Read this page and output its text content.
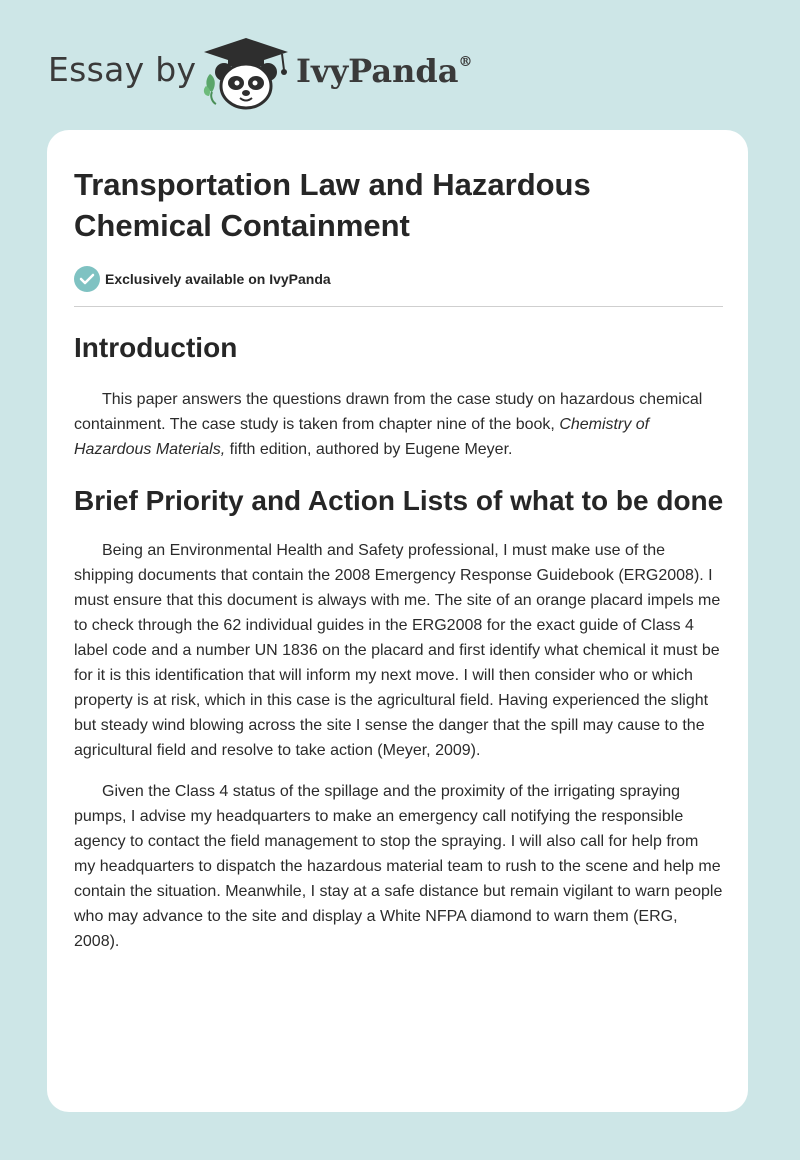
Essay by	IvyPanda®
Transportation Law and Hazardous
Chemical Containment
Exclusively available on IvyPanda
Introduction

This paper answers the questions drawn from the case study on hazardous chemical containment. The case study is taken from chapter nine of the book, Chemistry of Hazardous Materials, fifth edition, authored by Eugene Meyer.

Brief Priority and Action Lists of what to be done

Being an Environmental Health and Safety professional, I must make use of the shipping documents that contain the 2008 Emergency Response Guidebook (ERG2008). I must ensure that this document is always with me. The site of an orange placard impels me to check through the 62 individual guides in the ERG2008 for the exact guide of Class 4 label code and a number UN 1836 on the placard and first identify what chemical it must be for it is this identification that will inform my next move. I will then consider who or which property is at risk, which in this case is the agricultural field. Having experienced the slight but steady wind blowing across the site I sense the danger that the spill may cause to the agricultural field and resolve to take action (Meyer, 2009).

Given the Class 4 status of the spillage and the proximity of the irrigating spraying pumps, I advise my headquarters to make an emergency call notifying the responsible agency to contact the field management to stop the spraying. I will also call for help from my headquarters to dispatch the hazardous material team to rush to the scene and help me contain the situation. Meanwhile, I stay at a safe distance but remain vigilant to warn people who may advance to the site and display a White NFPA diamond to warn them (ERG, 2008).
